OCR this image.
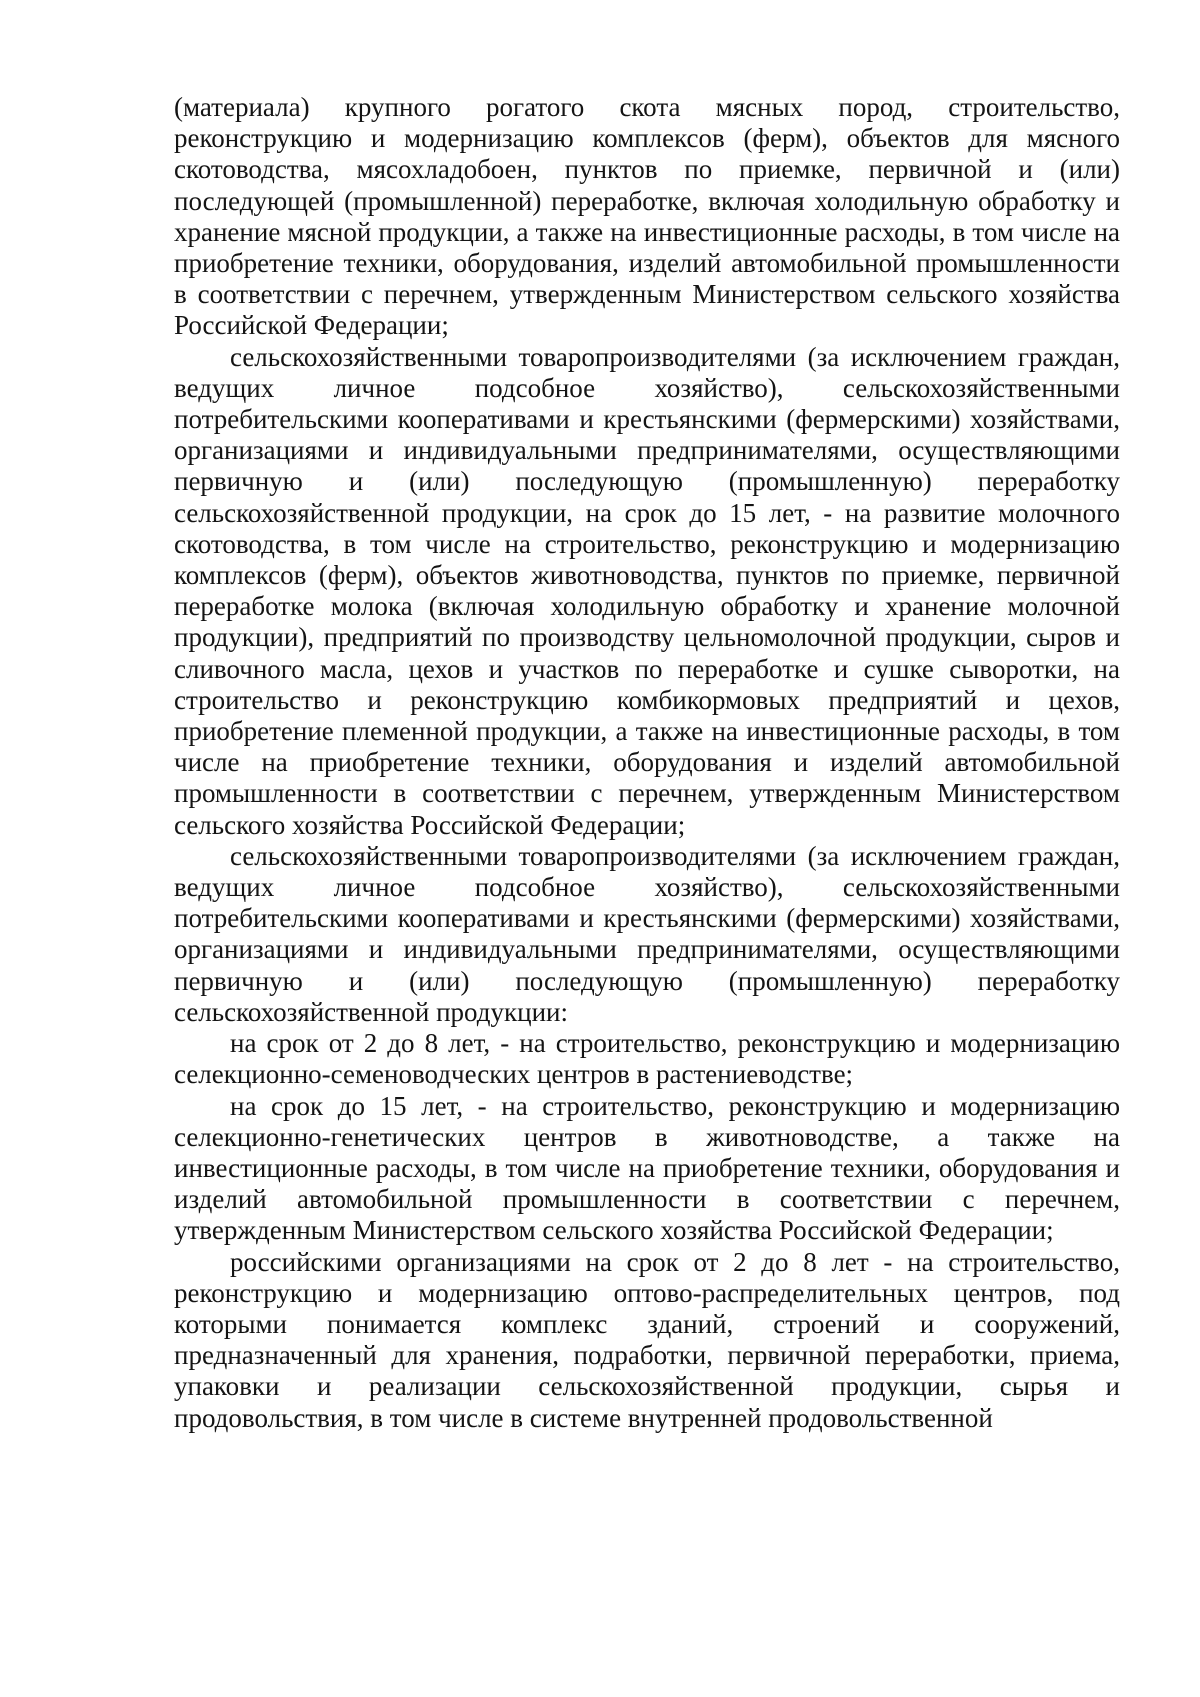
(материала) крупного рогатого скота мясных пород, строительство, реконструкцию и модернизацию комплексов (ферм), объектов для мясного скотоводства, мясохладобоен, пунктов по приемке, первичной и (или) последующей (промышленной) переработке, включая холодильную обработку и хранение мясной продукции, а также на инвестиционные расходы, в том числе на приобретение техники, оборудования, изделий автомобильной промышленности в соответствии с перечнем, утвержденным Министерством сельского хозяйства Российской Федерации;

сельскохозяйственными товаропроизводителями (за исключением граждан, ведущих личное подсобное хозяйство), сельскохозяйственными потребительскими кооперативами и крестьянскими (фермерскими) хозяйствами, организациями и индивидуальными предпринимателями, осуществляющими первичную и (или) последующую (промышленную) переработку сельскохозяйственной продукции, на срок до 15 лет, - на развитие молочного скотоводства, в том числе на строительство, реконструкцию и модернизацию комплексов (ферм), объектов животноводства, пунктов по приемке, первичной переработке молока (включая холодильную обработку и хранение молочной продукции), предприятий по производству цельномолочной продукции, сыров и сливочного масла, цехов и участков по переработке и сушке сыворотки, на строительство и реконструкцию комбикормовых предприятий и цехов, приобретение племенной продукции, а также на инвестиционные расходы, в том числе на приобретение техники, оборудования и изделий автомобильной промышленности в соответствии с перечнем, утвержденным Министерством сельского хозяйства Российской Федерации;

сельскохозяйственными товаропроизводителями (за исключением граждан, ведущих личное подсобное хозяйство), сельскохозяйственными потребительскими кооперативами и крестьянскими (фермерскими) хозяйствами, организациями и индивидуальными предпринимателями, осуществляющими первичную и (или) последующую (промышленную) переработку сельскохозяйственной продукции:

на срок от 2 до 8 лет, - на строительство, реконструкцию и модернизацию селекционно-семеноводческих центров в растениеводстве;

на срок до 15 лет, - на строительство, реконструкцию и модернизацию селекционно-генетических центров в животноводстве, а также на инвестиционные расходы, в том числе на приобретение техники, оборудования и изделий автомобильной промышленности в соответствии с перечнем, утвержденным Министерством сельского хозяйства Российской Федерации;

российскими организациями на срок от 2 до 8 лет - на строительство, реконструкцию и модернизацию оптово-распределительных центров, под которыми понимается комплекс зданий, строений и сооружений, предназначенный для хранения, подработки, первичной переработки, приема, упаковки и реализации сельскохозяйственной продукции, сырья и продовольствия, в том числе в системе внутренней продовольственной
